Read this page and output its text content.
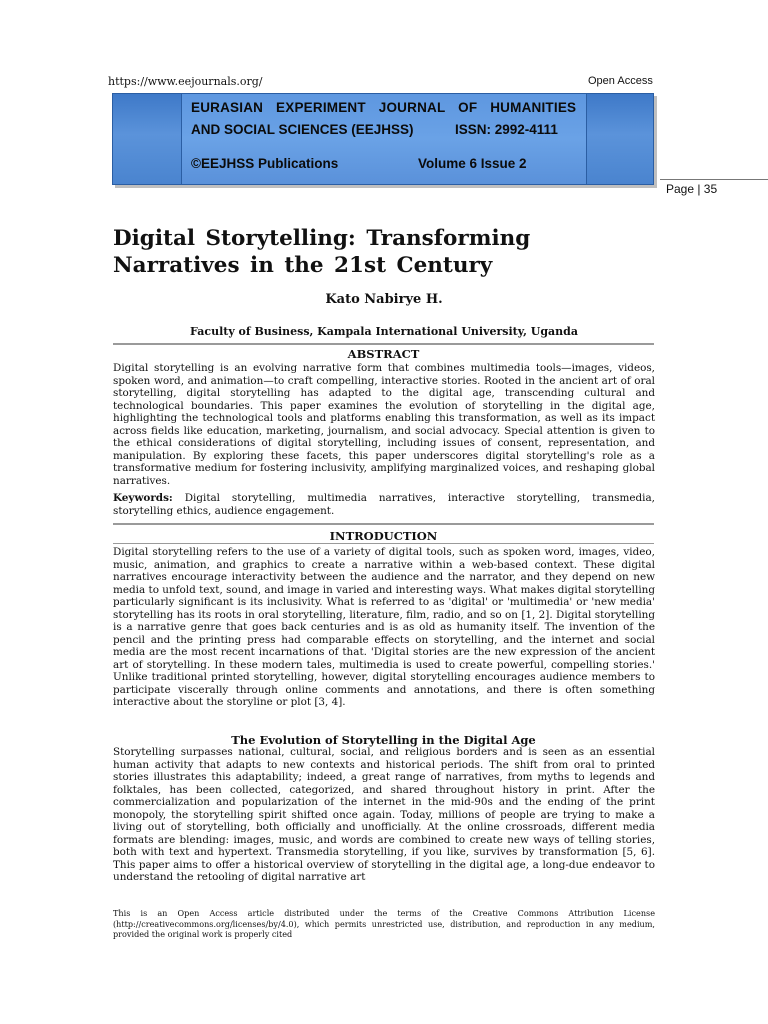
https://www.eejournals.org/	Open Access
EURASIAN EXPERIMENT JOURNAL OF HUMANITIES
AND SOCIAL SCIENCES (EEJHSS)	ISSN: 2992-4111
©EEJHSS Publications	Volume 6 Issue 2
Page | 35
Digital Storytelling: Transforming Narratives in the 21st Century
Kato Nabirye H.
Faculty of Business, Kampala International University, Uganda
ABSTRACT
Digital storytelling is an evolving narrative form that combines multimedia tools—images, videos, spoken word, and animation—to craft compelling, interactive stories. Rooted in the ancient art of oral storytelling, digital storytelling has adapted to the digital age, transcending cultural and technological boundaries. This paper examines the evolution of storytelling in the digital age, highlighting the technological tools and platforms enabling this transformation, as well as its impact across fields like education, marketing, journalism, and social advocacy. Special attention is given to the ethical considerations of digital storytelling, including issues of consent, representation, and manipulation. By exploring these facets, this paper underscores digital storytelling's role as a transformative medium for fostering inclusivity, amplifying marginalized voices, and reshaping global narratives.
Keywords: Digital storytelling, multimedia narratives, interactive storytelling, transmedia, storytelling ethics, audience engagement.
INTRODUCTION
Digital storytelling refers to the use of a variety of digital tools, such as spoken word, images, video, music, animation, and graphics to create a narrative within a web-based context. These digital narratives encourage interactivity between the audience and the narrator, and they depend on new media to unfold text, sound, and image in varied and interesting ways. What makes digital storytelling particularly significant is its inclusivity. What is referred to as 'digital' or 'multimedia' or 'new media' storytelling has its roots in oral storytelling, literature, film, radio, and so on [1, 2]. Digital storytelling is a narrative genre that goes back centuries and is as old as humanity itself. The invention of the pencil and the printing press had comparable effects on storytelling, and the internet and social media are the most recent incarnations of that. 'Digital stories are the new expression of the ancient art of storytelling. In these modern tales, multimedia is used to create powerful, compelling stories.' Unlike traditional printed storytelling, however, digital storytelling encourages audience members to participate viscerally through online comments and annotations, and there is often something interactive about the storyline or plot [3, 4].
The Evolution of Storytelling in the Digital Age
Storytelling surpasses national, cultural, social, and religious borders and is seen as an essential human activity that adapts to new contexts and historical periods. The shift from oral to printed stories illustrates this adaptability; indeed, a great range of narratives, from myths to legends and folktales, has been collected, categorized, and shared throughout history in print. After the commercialization and popularization of the internet in the mid-90s and the ending of the print monopoly, the storytelling spirit shifted once again. Today, millions of people are trying to make a living out of storytelling, both officially and unofficially. At the online crossroads, different media formats are blending: images, music, and words are combined to create new ways of telling stories, both with text and hypertext. Transmedia storytelling, if you like, survives by transformation [5, 6]. This paper aims to offer a historical overview of storytelling in the digital age, a long-due endeavor to understand the retooling of digital narrative art
This is an Open Access article distributed under the terms of the Creative Commons Attribution License (http://creativecommons.org/licenses/by/4.0), which permits unrestricted use, distribution, and reproduction in any medium, provided the original work is properly cited
